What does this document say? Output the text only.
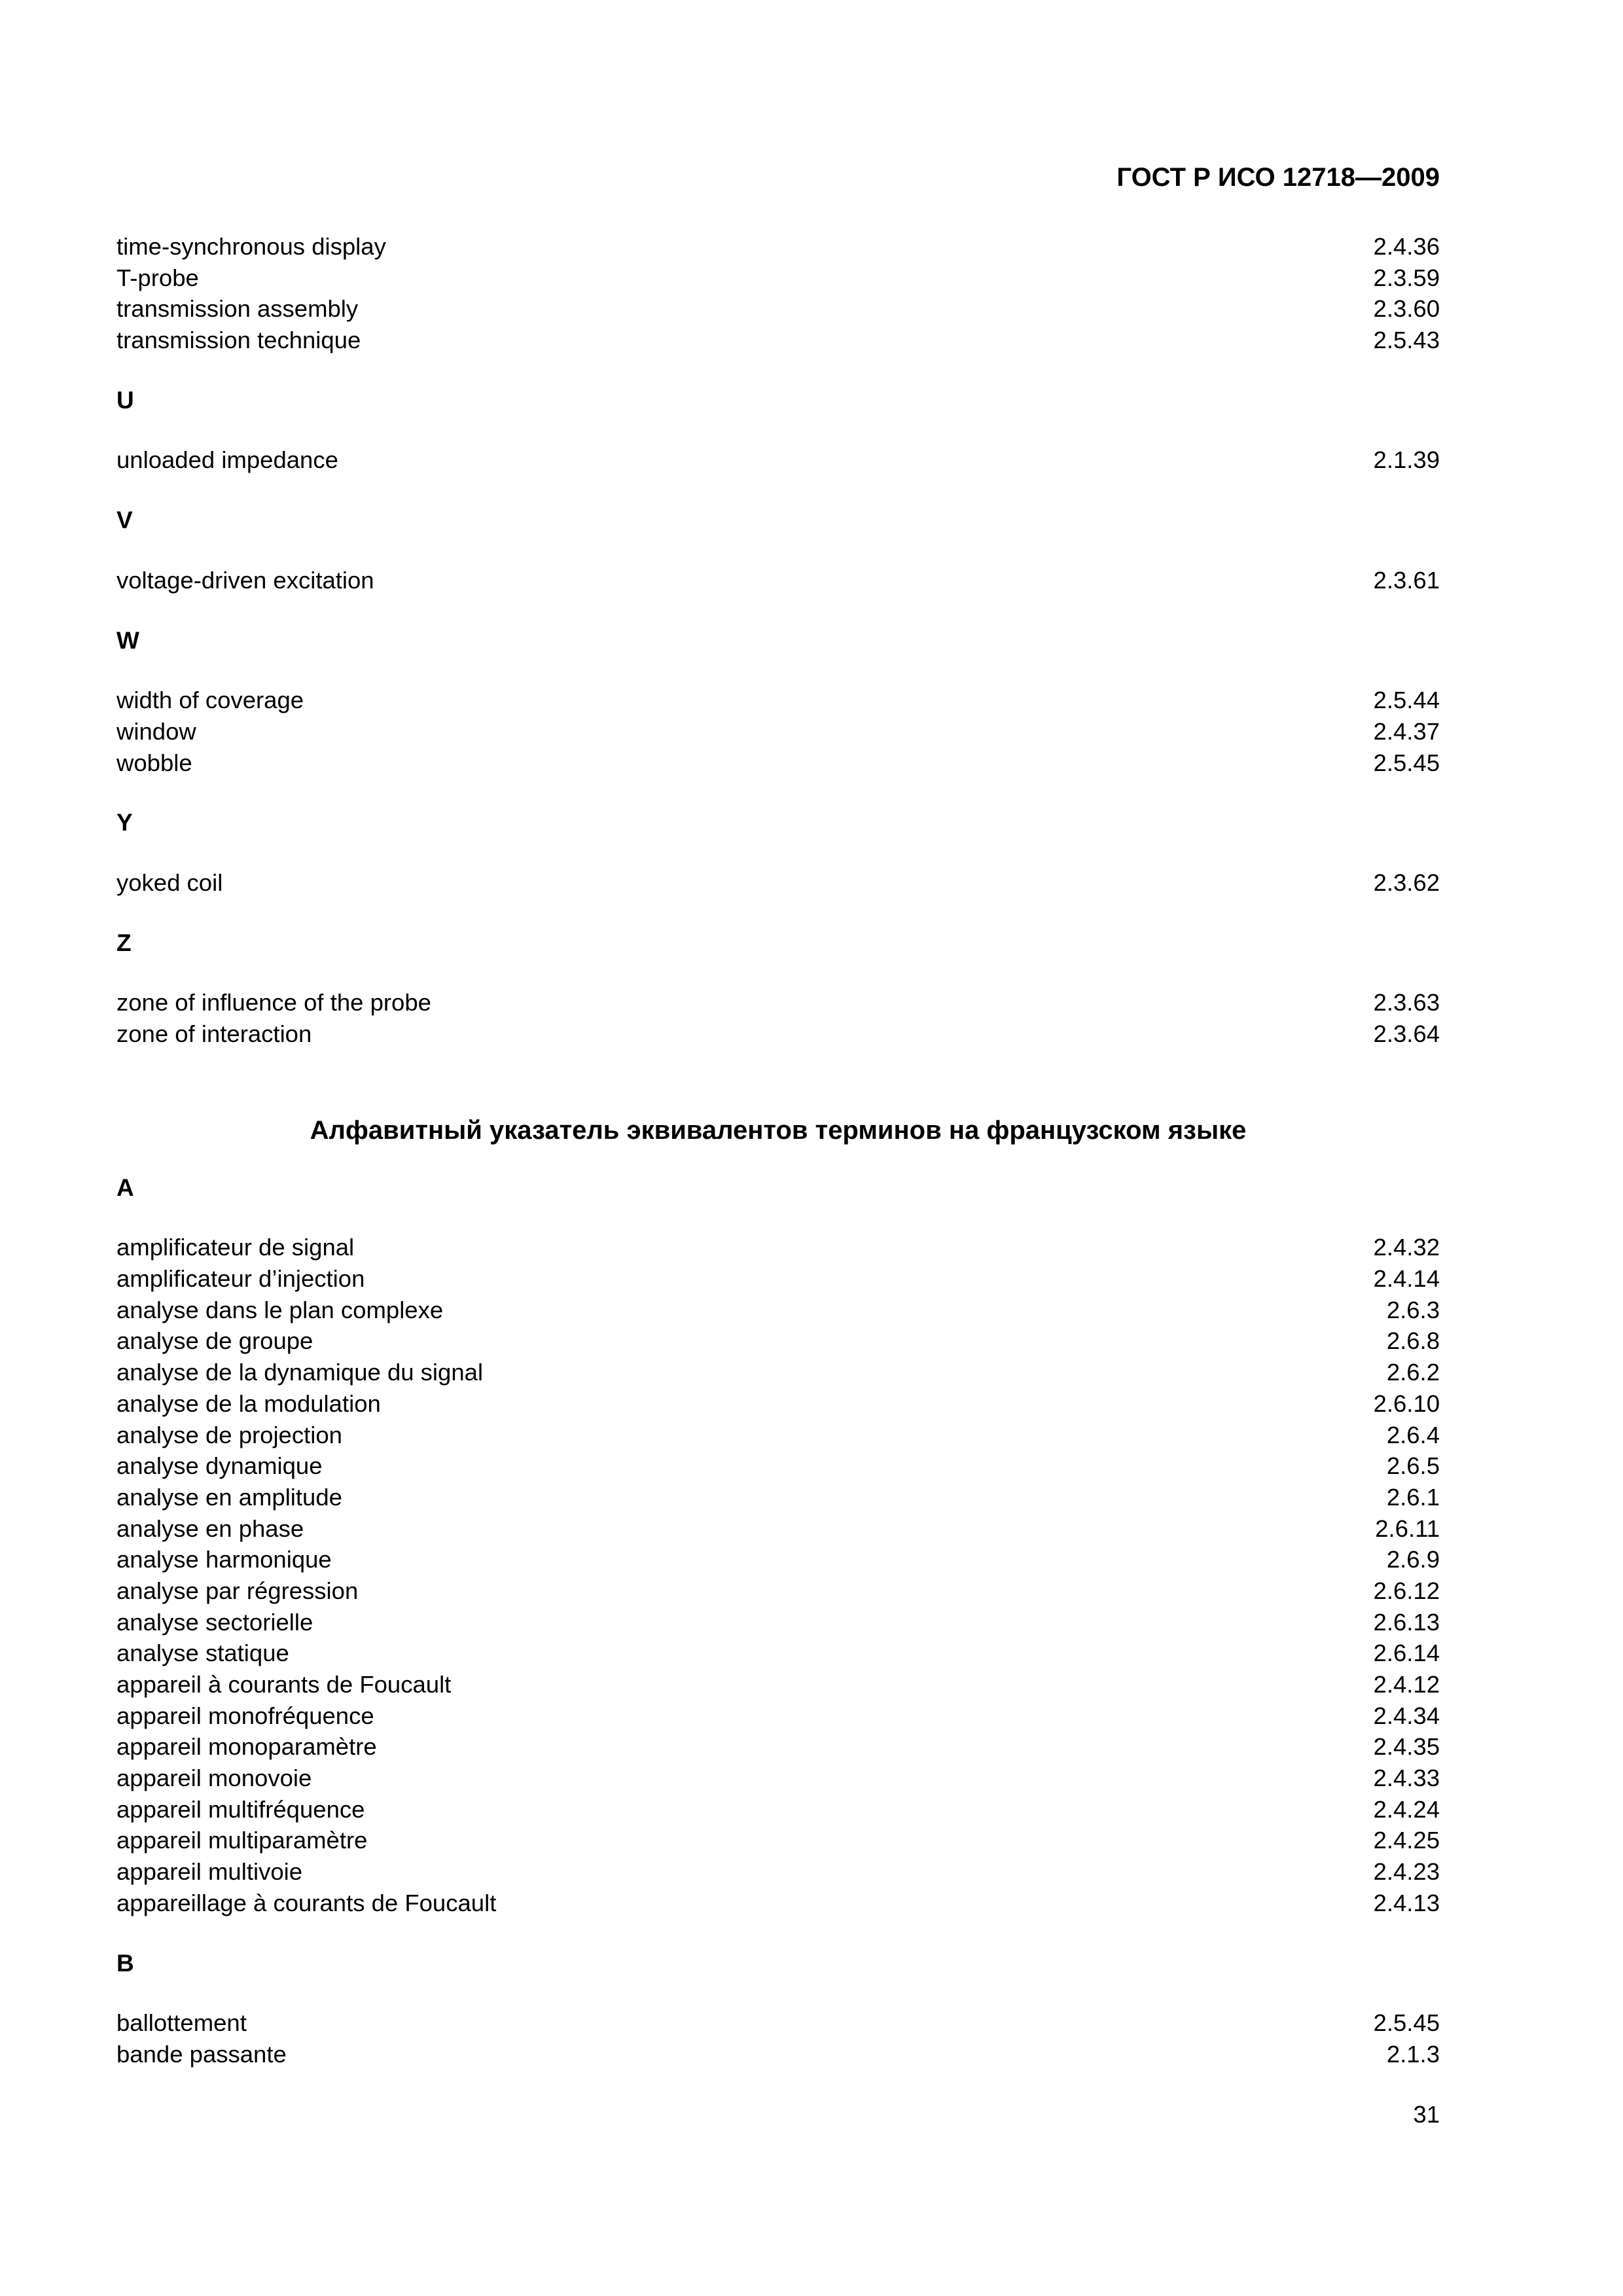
ГОСТ Р ИСО 12718—2009
time-synchronous display	2.4.36
T-probe	2.3.59
transmission assembly	2.3.60
transmission technique	2.5.43
U
unloaded impedance	2.1.39
V
voltage-driven excitation	2.3.61
W
width of coverage	2.5.44
window	2.4.37
wobble	2.5.45
Y
yoked coil	2.3.62
Z
zone of influence of the probe	2.3.63
zone of interaction	2.3.64
Алфавитный указатель эквивалентов терминов на французском языке
A
amplificateur de signal	2.4.32
amplificateur d’injection	2.4.14
analyse dans le plan complexe	2.6.3
analyse de groupe	2.6.8
analyse de la dynamique du signal	2.6.2
analyse de la modulation	2.6.10
analyse de projection	2.6.4
analyse dynamique	2.6.5
analyse en amplitude	2.6.1
analyse en phase	2.6.11
analyse harmonique	2.6.9
analyse par régression	2.6.12
analyse sectorielle	2.6.13
analyse statique	2.6.14
appareil à courants de Foucault	2.4.12
appareil monofréquence	2.4.34
appareil monoparamètre	2.4.35
appareil monovoie	2.4.33
appareil multifréquence	2.4.24
appareil multiparamètre	2.4.25
appareil multivoie	2.4.23
appareillage à courants de Foucault	2.4.13
B
ballottement	2.5.45
bande passante	2.1.3
31
